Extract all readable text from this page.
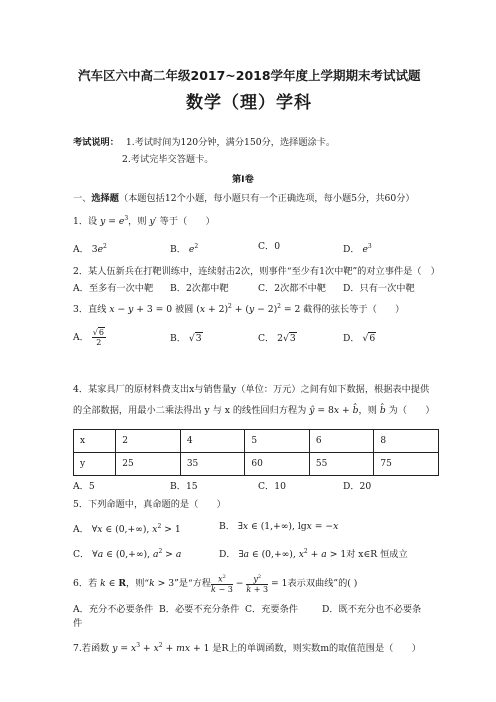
汽车区六中高二年级2017~2018学年度上学期期末考试试题
数学（理）学科
考试说明： 1.考试时间为120分钟，满分150分，选择题涂卡。
2.考试完毕交答题卡。
第Ⅰ卷
一、选择题（本题包括12个小题，每小题只有一个正确选项，每小题5分，共60分）
1．设 $y = e^3$，则 y′ 等于（　　）
A． $3e^2$	B． $e^2$	C．0	D． $e^3$
2．某人伍新兵在打靶训练中，连续射击2次，则事件“至少有1次中靶”的对立事件是（　）
A．至多有一次中靶 B．2次都中靶	C．2次都不中靶 D．只有一次中靶
3．直线 x − y + 3 = 0 被圆 $(x + 2)^2 + (y - 2)^2 = 2$ 截得的弦长等于（　　）
A． $\frac{√6}{2}$	B． √3	C． 2√3	D． √6
4．某家具厂的原材料费支出x与销售量y（单位：万元）之间有如下数据，根据表中提供
的全部数据，用最小二乘法得出 y 与 x 的线性回归方程为 ŷ = 8x + b̂，则 b̂ 为（　　）
x	2	4	5	6	8
y	25	35	60	55	75
A．5	B．15	C．10	D．20
5．下列命题中，真命题的是（　　）
A． ∀x ∈ (0,+∞), $x^2 > 1$	B． ∃x ∈ (1,+∞), lgx = −x
C． ∀a ∈ (0,+∞), $a^2 > a$	D． ∃a ∈ (0,+∞), $x^2 + a > 1$对 x∈R 恒成立
6．若 k ∈ R，则“k > 3”是“方程 $\frac{x^2}{k - 3} - \frac{y^2}{k + 3} = 1$表示双曲线”的( )
A．充分不必要条件 B．必要不充分条件 C．充要条件	D．既不充分也不必要条
件
7.若函数 $y = x^3 + x^2$ + mx + 1 是R上的单调函数，则实数m的取值范围是（　　）
